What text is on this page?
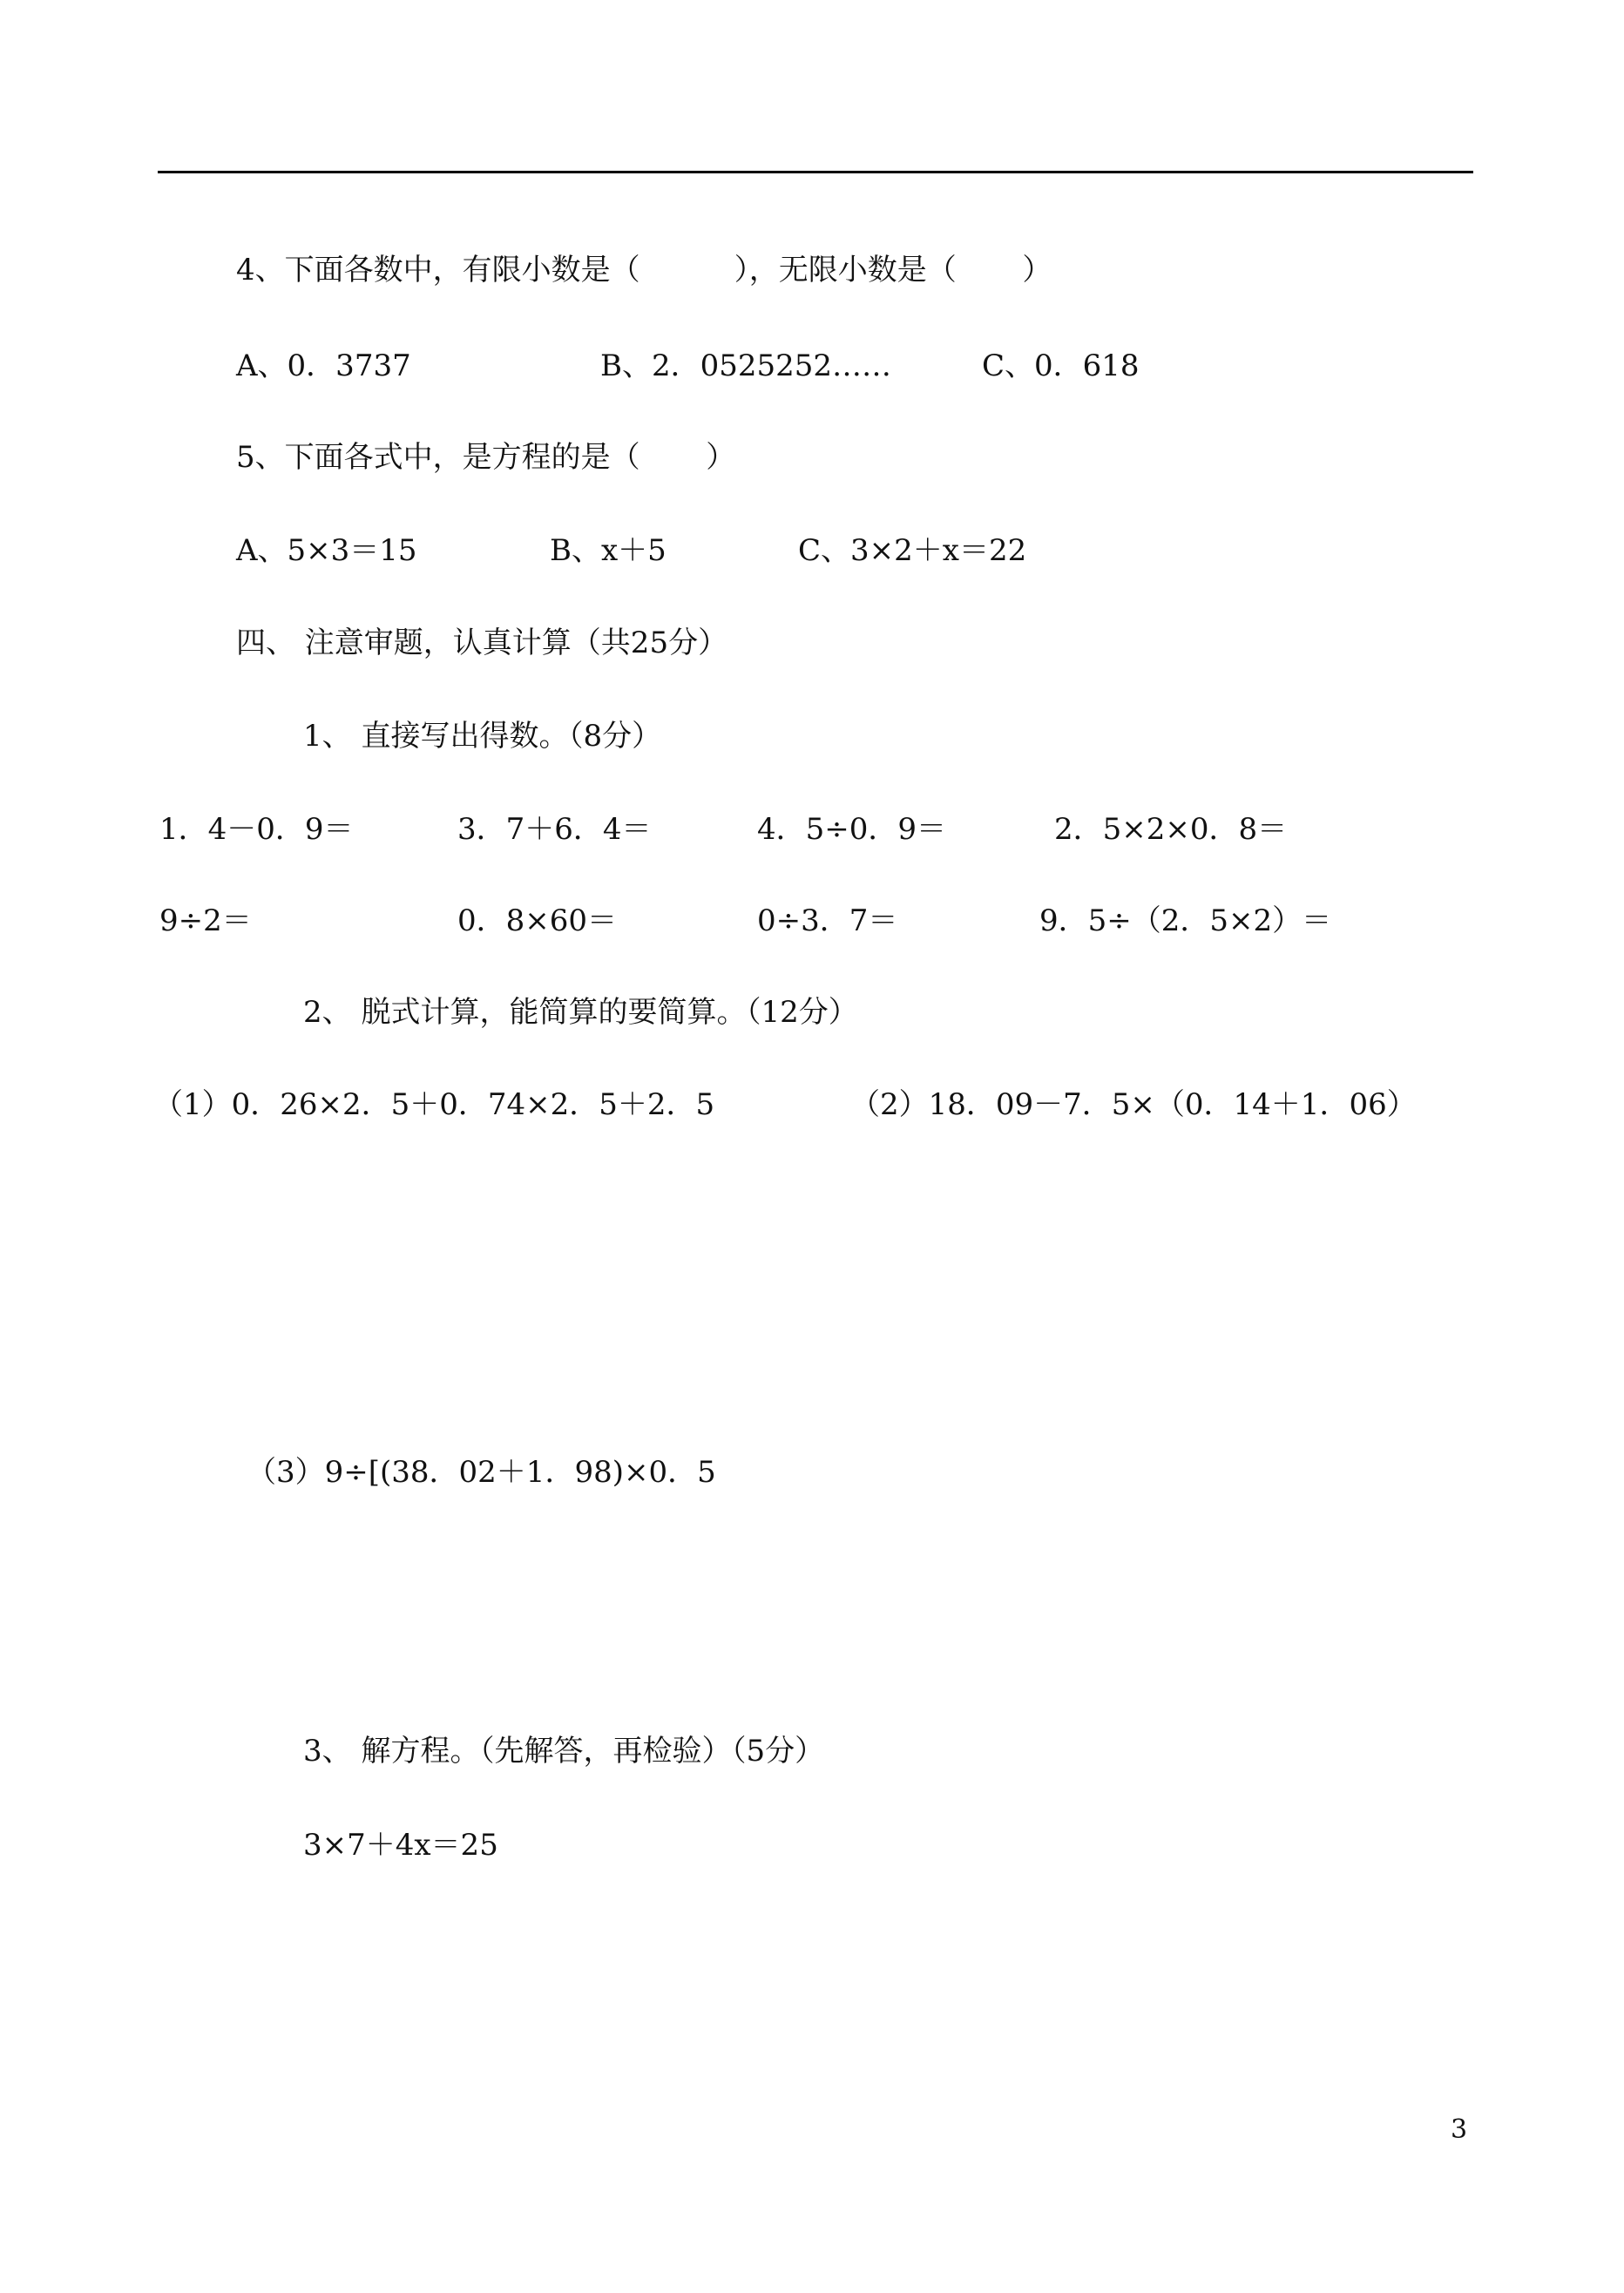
4、下面各数中，有限小数是（          ），无限小数是（       ）
A、0．3737	B、2．0525252……	C、0．618
5、下面各式中，是方程的是（       ）
A、5×3＝15	B、x＋5	C、3×2＋x＝22
四、 注意审题，认真计算（共25分）
1、 直接写出得数。（8分）
1．4－0．9＝	3．7＋6．4＝	4．5÷0．9＝	2．5×2×0．8＝
9÷2＝	0．8×60＝	0÷3．7＝	9．5÷（2．5×2）＝
2、 脱式计算，能简算的要简算。（12分）
（1）0．26×2．5＋0．74×2．5＋2．5	（2）18．09－7．5×（0．14＋1．06）
（3）9÷[(38．02＋1．98)×0．5
3、 解方程。（先解答，再检验）（5分）
3×7＋4x＝25
3
